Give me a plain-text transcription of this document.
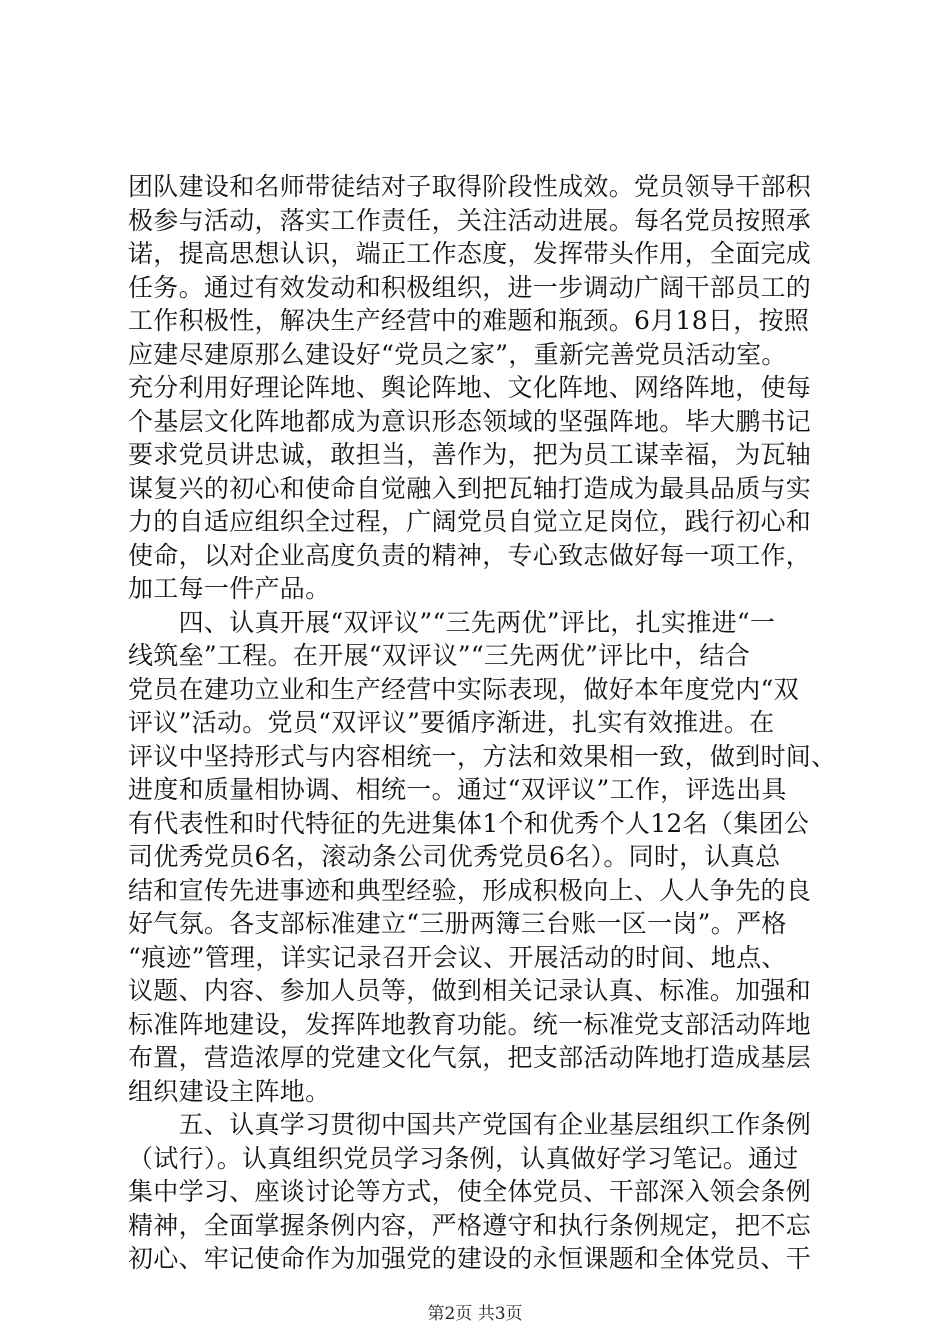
团队建设和名师带徒结对子取得阶段性成效。党员领导干部积
极参与活动，落实工作责任，关注活动进展。每名党员按照承
诺，提高思想认识，端正工作态度，发挥带头作用，全面完成
任务。通过有效发动和积极组织，进一步调动广阔干部员工的
工作积极性，解决生产经营中的难题和瓶颈。6月18日，按照
应建尽建原那么建设好“党员之家”，重新完善党员活动室。
充分利用好理论阵地、舆论阵地、文化阵地、网络阵地，使每
个基层文化阵地都成为意识形态领域的坚强阵地。毕大鹏书记
要求党员讲忠诚，敢担当，善作为，把为员工谋幸福，为瓦轴
谋复兴的初心和使命自觉融入到把瓦轴打造成为最具品质与实
力的自适应组织全过程，广阔党员自觉立足岗位，践行初心和
使命，以对企业高度负责的精神，专心致志做好每一项工作，
加工每一件产品。
　　四、认真开展“双评议”“三先两优”评比，扎实推进“一
线筑垒”工程。在开展“双评议”“三先两优”评比中，结合
党员在建功立业和生产经营中实际表现，做好本年度党内“双
评议”活动。党员“双评议”要循序渐进，扎实有效推进。在
评议中坚持形式与内容相统一，方法和效果相一致，做到时间、
进度和质量相协调、相统一。通过“双评议”工作，评选出具
有代表性和时代特征的先进集体1个和优秀个人12名（集团公
司优秀党员6名，滚动条公司优秀党员6名）。同时，认真总
结和宣传先进事迹和典型经验，形成积极向上、人人争先的良
好气氛。各支部标准建立“三册两簿三台账一区一岗”。严格
“痕迹”管理，详实记录召开会议、开展活动的时间、地点、
议题、内容、参加人员等，做到相关记录认真、标准。加强和
标准阵地建设，发挥阵地教育功能。统一标准党支部活动阵地
布置，营造浓厚的党建文化气氛，把支部活动阵地打造成基层
组织建设主阵地。
　　五、认真学习贯彻中国共产党国有企业基层组织工作条例
（试行）。认真组织党员学习条例，认真做好学习笔记。通过
集中学习、座谈讨论等方式，使全体党员、干部深入领会条例
精神，全面掌握条例内容，严格遵守和执行条例规定，把不忘
初心、牢记使命作为加强党的建设的永恒课题和全体党员、干
第2页 共3页
